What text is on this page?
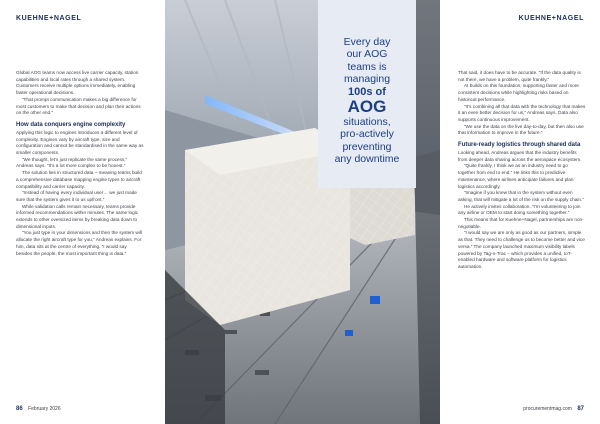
KUEHNE+NAGEL

Global AOG teams now access live carrier capacity, station capabilities and local rates through a shared system. Customers receive multiple options immediately, enabling faster operational decisions.

“That prompt communication makes a big difference for most customers to make that decision and plan their actions on the other end.”

How data conquers engine complexity

Applying this logic to engines introduces a different level of complexity. Engines vary by aircraft type, size and configuration and cannot be standardised in the same way as smaller components.

“We thought, let’s just replicate the same process,” Andreas says. “It’s a lot more complex to be honest.”

The solution lies in structured data – meaning teams build a comprehensive database mapping engine types to aircraft compatibility and carrier capacity.

“Instead of having every individual user… we just made sure that the system gives it to us upfront.”

While validation calls remain necessary, teams provide informed recommendations within minutes. The same logic extends to other oversized items by breaking data down to dimensional inputs.

“You just type in your dimensions and then the system will allocate the right aircraft type for you,” Andreas explains. For him, data sits at the centre of everything. “I would say besides the people, the most important thing is data.”

86 February 2026
KUEHNE+NAGEL
procurementmag.com 87
Every day
our AOG
teams is
managing
100s of
AOG
situations,
pro-actively
preventing
any downtime

That said, it does have to be accurate. “If the data quality is not there, we have a problem, quite frankly.”

AI builds on this foundation, supporting faster and more consistent decisions while highlighting risks based on historical performance.

“It’s combining all that data with the technology that makes it an even better decision for us,” Andreas says. Data also supports continuous improvement.

“We use the data on the live day-to-day, but then also use that information to improve in the future.”

Future-ready logistics through shared data

Looking ahead, Andreas argues that the industry benefits from deeper data sharing across the aerospace ecosystem.

“Quite frankly, I think we as an industry need to go together from end to end.” He links this to predictive maintenance, where airlines anticipate failures and plan logistics accordingly.

“Imagine if you knew that in the system without even asking, that will mitigate a lot of the risk on the supply chain.”

He actively invites collaboration. “I’m volunteering to join any airline or OEM to start doing something together.”

This means that for Kuehne+Nagel, partnerships are non-negotiable.

“I would say we are only as good as our partners, simple as that. They need to challenge us to become better and vice versa.” The company launched maximum visibility labels powered by Tag-n-Trac – which provides a unified, IoT-enabled hardware and software platform for logistics automation.
